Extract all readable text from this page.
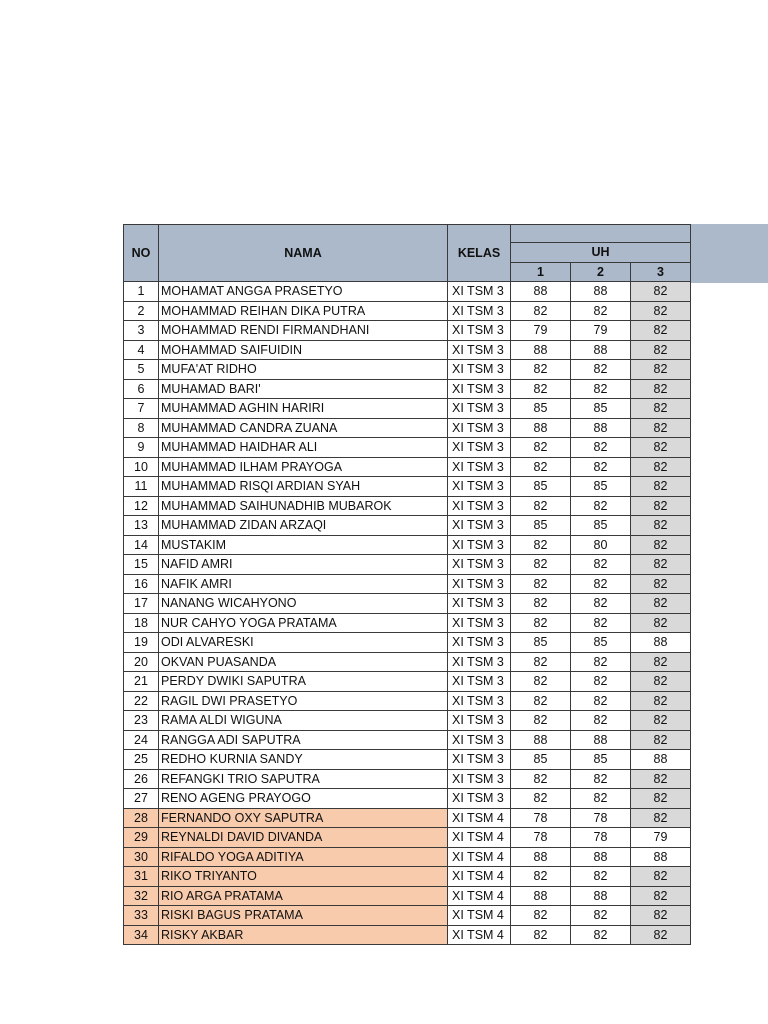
NO	NAMA	KELAS			
			UH		
			1	2	3
1	MOHAMAT ANGGA PRASETYO	XI TSM 3	88	88	82
2	MOHAMMAD REIHAN DIKA PUTRA	XI TSM 3	82	82	82
3	MOHAMMAD RENDI FIRMANDHANI	XI TSM 3	79	79	82
4	MOHAMMAD SAIFUIDIN	XI TSM 3	88	88	82
5	MUFA'AT RIDHO	XI TSM 3	82	82	82
6	MUHAMAD BARI'	XI TSM 3	82	82	82
7	MUHAMMAD AGHIN HARIRI	XI TSM 3	85	85	82
8	MUHAMMAD CANDRA ZUANA	XI TSM 3	88	88	82
9	MUHAMMAD HAIDHAR ALI	XI TSM 3	82	82	82
10	MUHAMMAD ILHAM PRAYOGA	XI TSM 3	82	82	82
11	MUHAMMAD RISQI ARDIAN SYAH	XI TSM 3	85	85	82
12	MUHAMMAD SAIHUNADHIB MUBAROK	XI TSM 3	82	82	82
13	MUHAMMAD ZIDAN ARZAQI	XI TSM 3	85	85	82
14	MUSTAKIM	XI TSM 3	82	80	82
15	NAFID AMRI	XI TSM 3	82	82	82
16	NAFIK AMRI	XI TSM 3	82	82	82
17	NANANG WICAHYONO	XI TSM 3	82	82	82
18	NUR CAHYO YOGA PRATAMA	XI TSM 3	82	82	82
19	ODI ALVARESKI	XI TSM 3	85	85	88
20	OKVAN PUASANDA	XI TSM 3	82	82	82
21	PERDY DWIKI SAPUTRA	XI TSM 3	82	82	82
22	RAGIL DWI PRASETYO	XI TSM 3	82	82	82
23	RAMA ALDI WIGUNA	XI TSM 3	82	82	82
24	RANGGA ADI SAPUTRA	XI TSM 3	88	88	82
25	REDHO KURNIA SANDY	XI TSM 3	85	85	88
26	REFANGKI TRIO SAPUTRA	XI TSM 3	82	82	82
27	RENO AGENG PRAYOGO	XI TSM 3	82	82	82
28	FERNANDO OXY SAPUTRA	XI TSM 4	78	78	82
29	REYNALDI DAVID DIVANDA	XI TSM 4	78	78	79
30	RIFALDO YOGA ADITIYA	XI TSM 4	88	88	88
31	RIKO TRIYANTO	XI TSM 4	82	82	82
32	RIO ARGA PRATAMA	XI TSM 4	88	88	82
33	RISKI BAGUS PRATAMA	XI TSM 4	82	82	82
34	RISKY AKBAR	XI TSM 4	82	82	82
